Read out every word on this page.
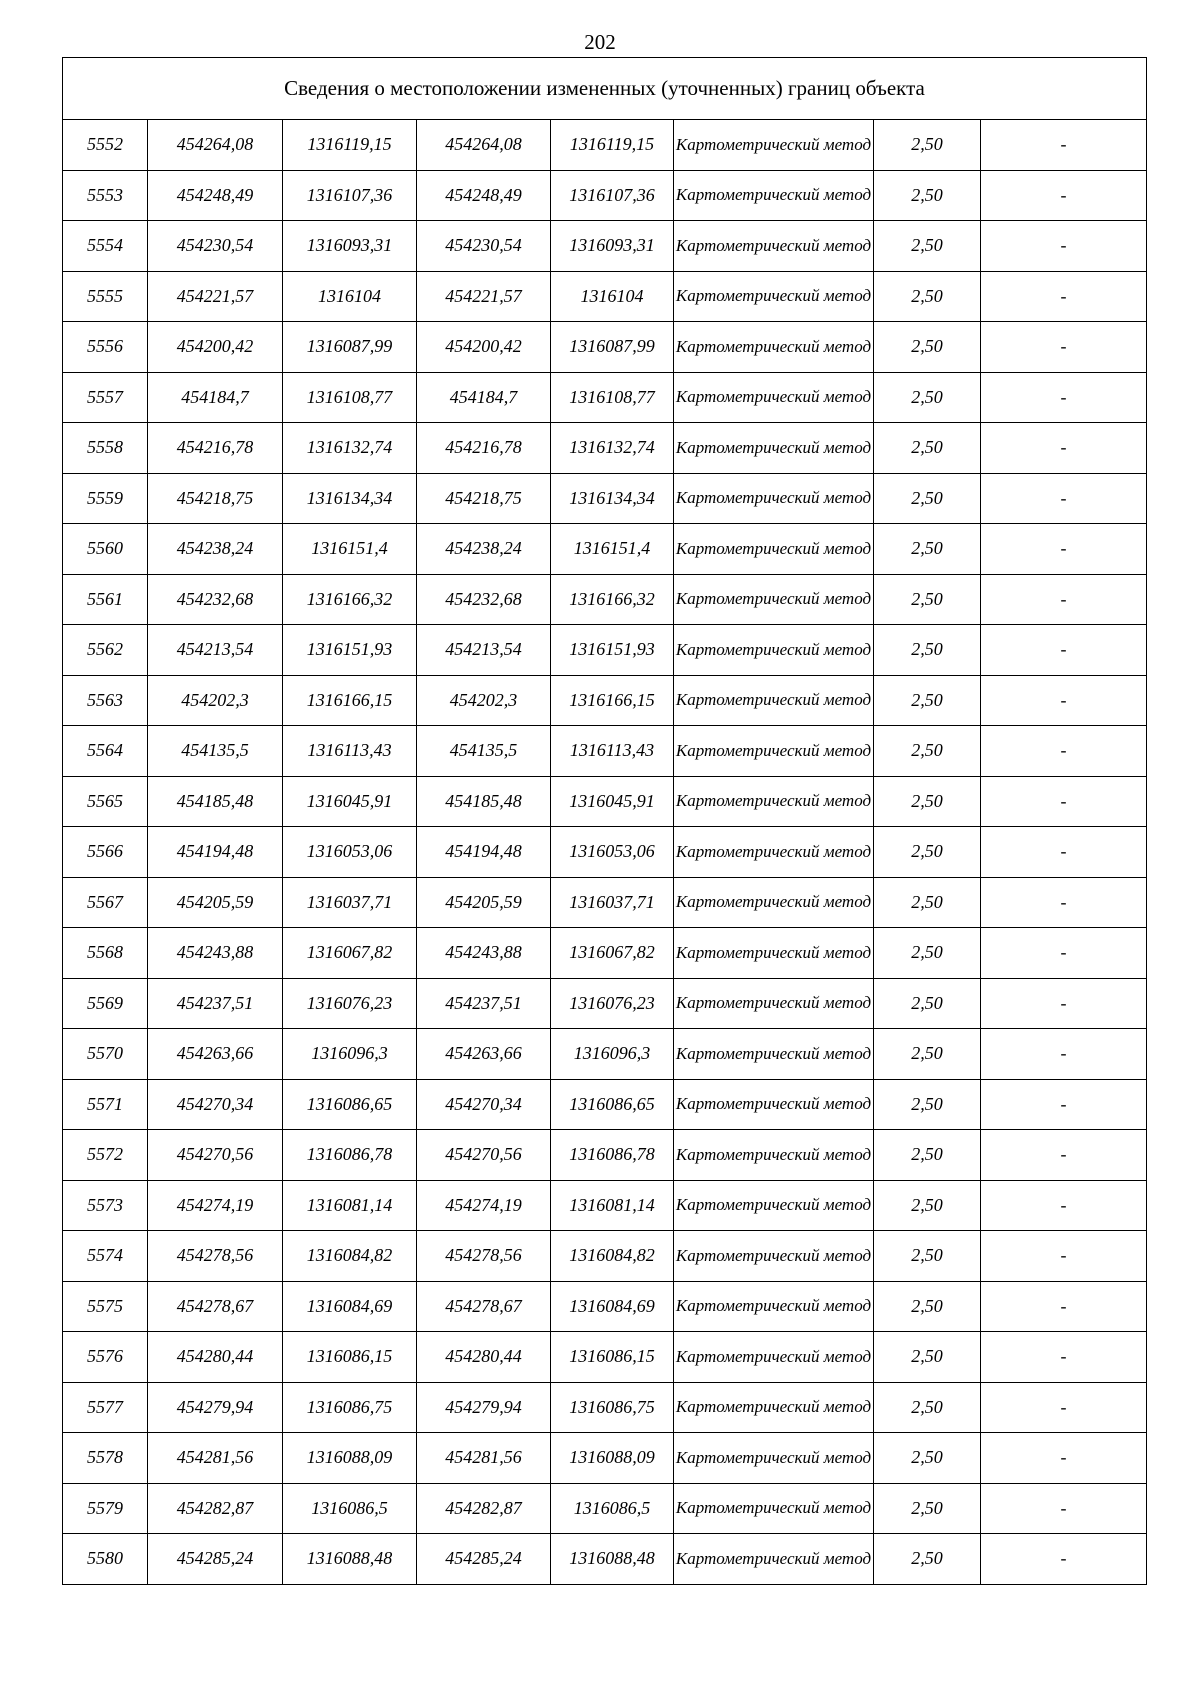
202
Сведения о местоположении измененных (уточненных) границ объекта							
5552	454264,08	1316119,15	454264,08	1316119,15	Картометрический метод	2,50	-
5553	454248,49	1316107,36	454248,49	1316107,36	Картометрический метод	2,50	-
5554	454230,54	1316093,31	454230,54	1316093,31	Картометрический метод	2,50	-
5555	454221,57	1316104	454221,57	1316104	Картометрический метод	2,50	-
5556	454200,42	1316087,99	454200,42	1316087,99	Картометрический метод	2,50	-
5557	454184,7	1316108,77	454184,7	1316108,77	Картометрический метод	2,50	-
5558	454216,78	1316132,74	454216,78	1316132,74	Картометрический метод	2,50	-
5559	454218,75	1316134,34	454218,75	1316134,34	Картометрический метод	2,50	-
5560	454238,24	1316151,4	454238,24	1316151,4	Картометрический метод	2,50	-
5561	454232,68	1316166,32	454232,68	1316166,32	Картометрический метод	2,50	-
5562	454213,54	1316151,93	454213,54	1316151,93	Картометрический метод	2,50	-
5563	454202,3	1316166,15	454202,3	1316166,15	Картометрический метод	2,50	-
5564	454135,5	1316113,43	454135,5	1316113,43	Картометрический метод	2,50	-
5565	454185,48	1316045,91	454185,48	1316045,91	Картометрический метод	2,50	-
5566	454194,48	1316053,06	454194,48	1316053,06	Картометрический метод	2,50	-
5567	454205,59	1316037,71	454205,59	1316037,71	Картометрический метод	2,50	-
5568	454243,88	1316067,82	454243,88	1316067,82	Картометрический метод	2,50	-
5569	454237,51	1316076,23	454237,51	1316076,23	Картометрический метод	2,50	-
5570	454263,66	1316096,3	454263,66	1316096,3	Картометрический метод	2,50	-
5571	454270,34	1316086,65	454270,34	1316086,65	Картометрический метод	2,50	-
5572	454270,56	1316086,78	454270,56	1316086,78	Картометрический метод	2,50	-
5573	454274,19	1316081,14	454274,19	1316081,14	Картометрический метод	2,50	-
5574	454278,56	1316084,82	454278,56	1316084,82	Картометрический метод	2,50	-
5575	454278,67	1316084,69	454278,67	1316084,69	Картометрический метод	2,50	-
5576	454280,44	1316086,15	454280,44	1316086,15	Картометрический метод	2,50	-
5577	454279,94	1316086,75	454279,94	1316086,75	Картометрический метод	2,50	-
5578	454281,56	1316088,09	454281,56	1316088,09	Картометрический метод	2,50	-
5579	454282,87	1316086,5	454282,87	1316086,5	Картометрический метод	2,50	-
5580	454285,24	1316088,48	454285,24	1316088,48	Картометрический метод	2,50	-
